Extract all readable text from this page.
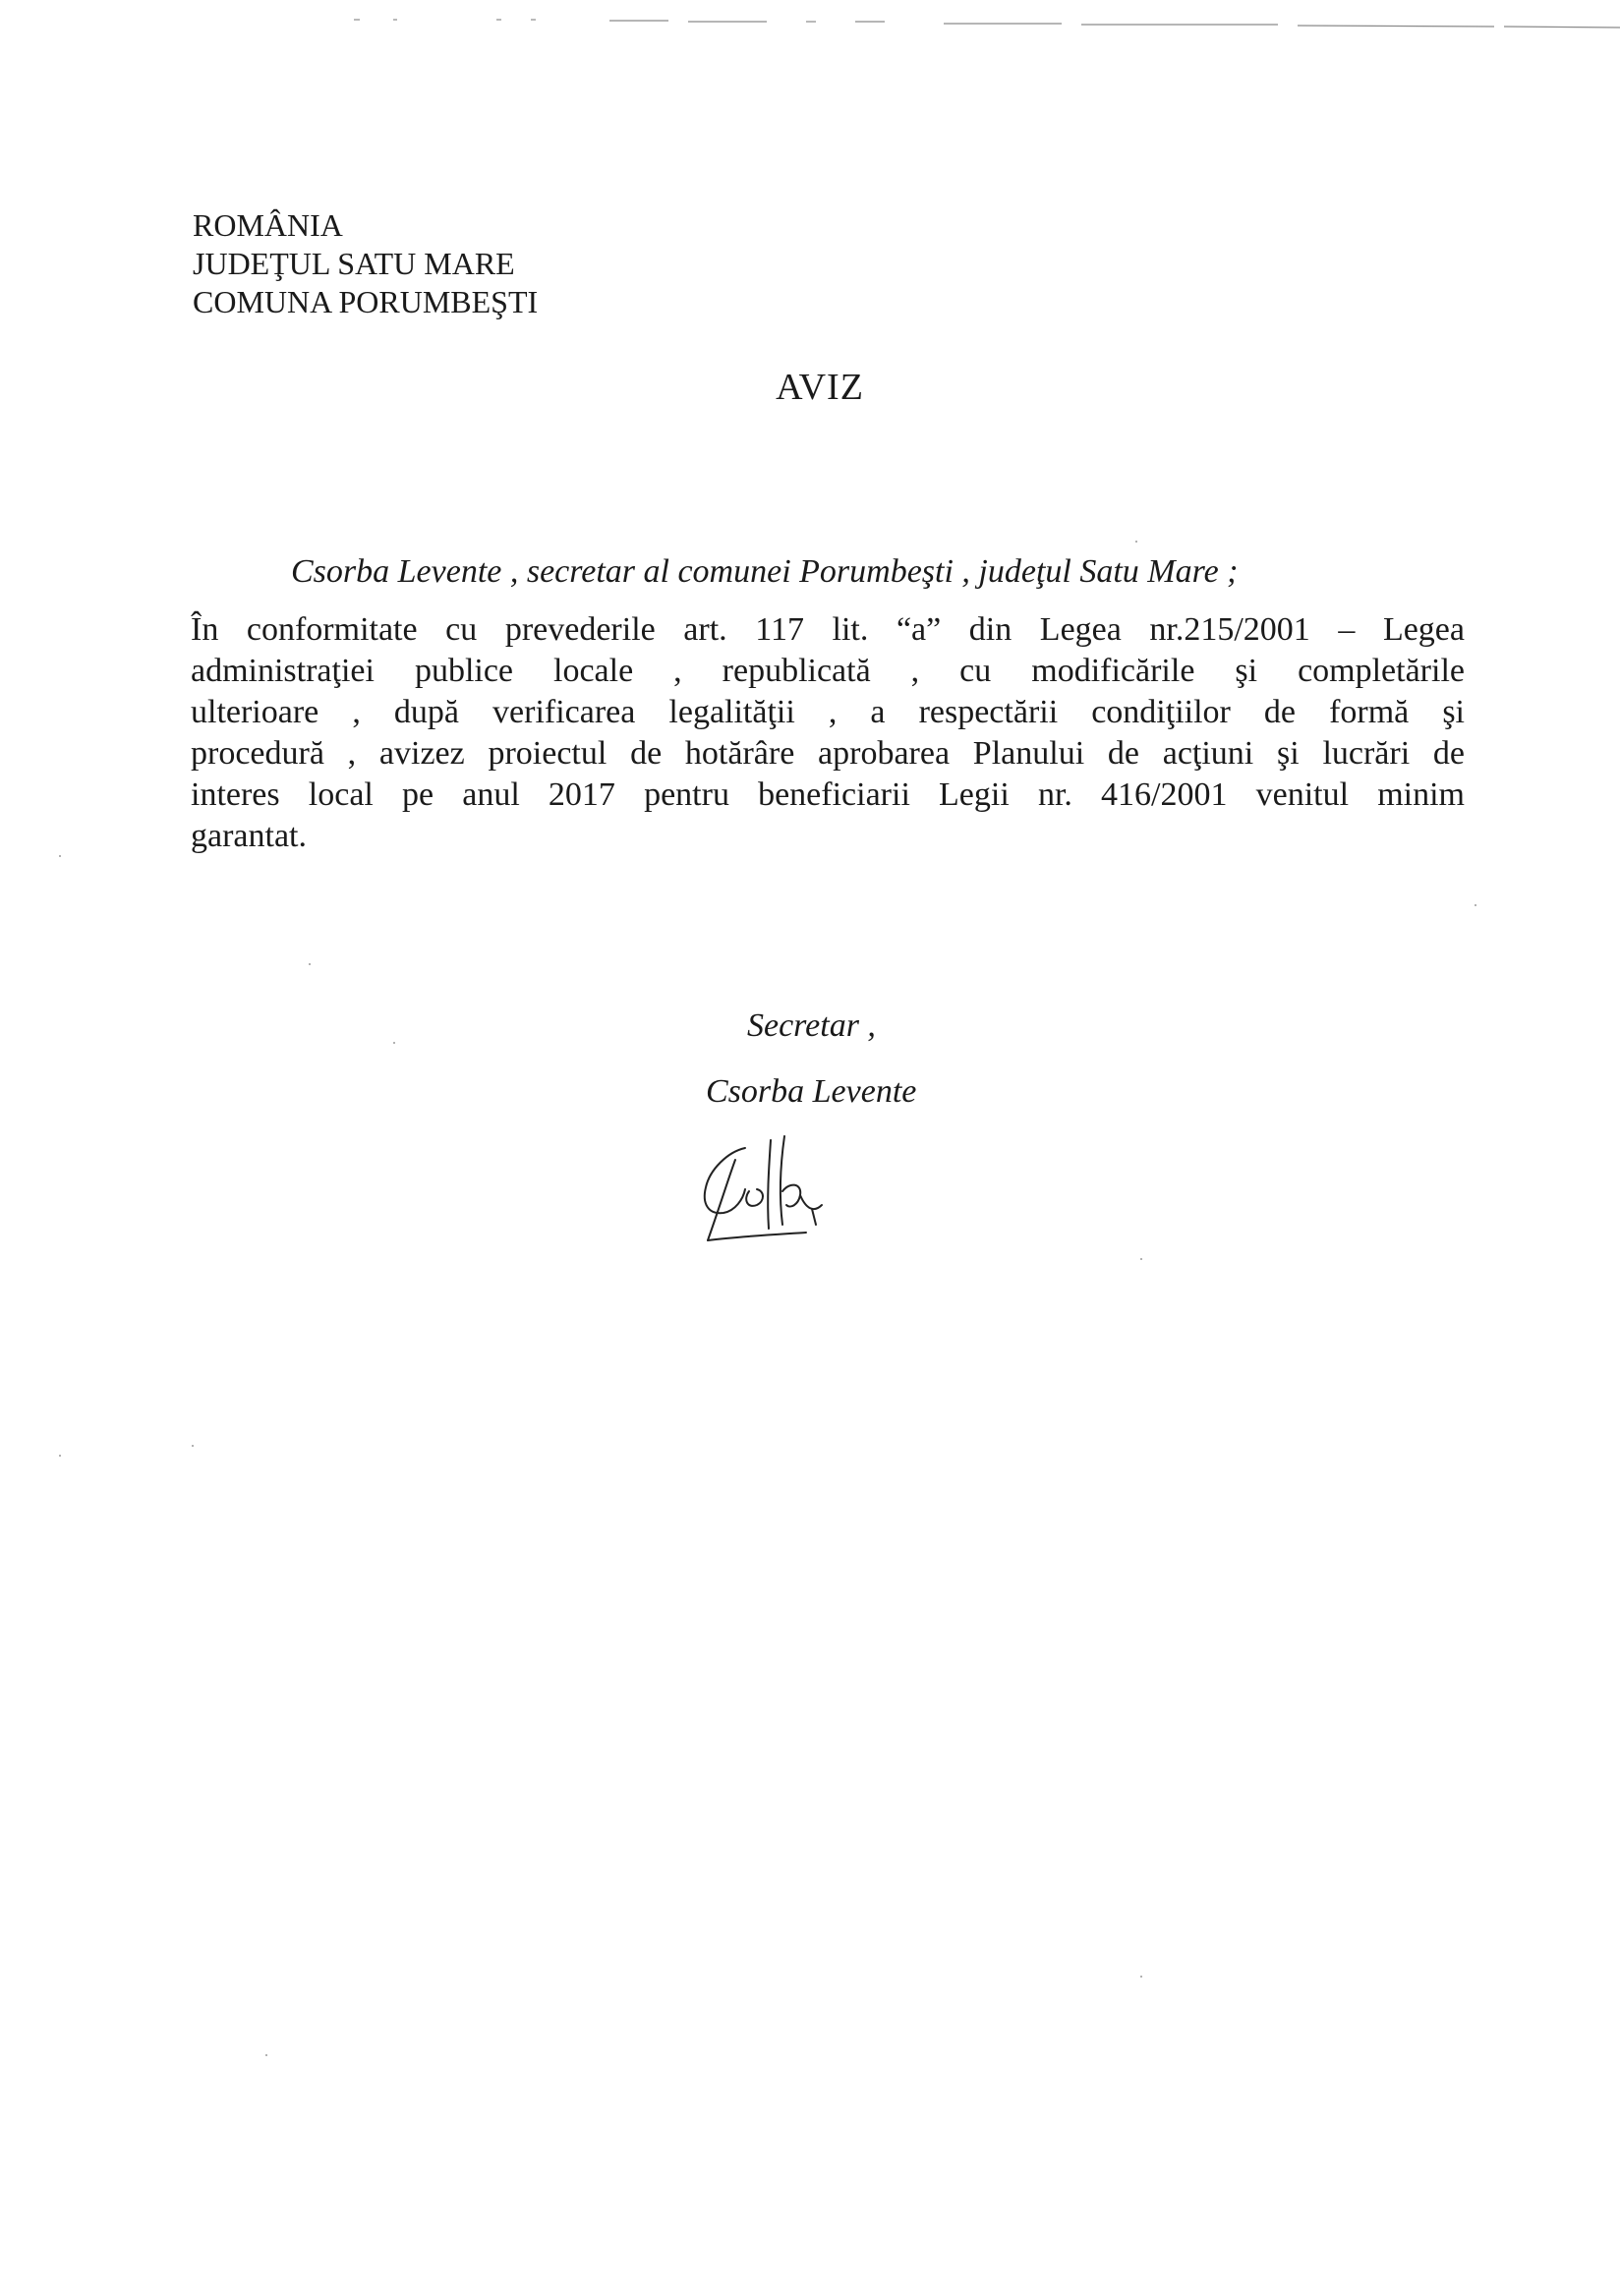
ROMÂNIA
JUDEŢUL SATU MARE
COMUNA PORUMBEŞTI
AVIZ
Csorba Levente , secretar al comunei Porumbeşti , judeţul Satu Mare ;
În conformitate cu prevederile art. 117 lit. “a” din Legea nr.215/2001 – Legea
administraţiei publice locale , republicată , cu modificările şi completările
ulterioare , după verificarea legalităţii , a respectării condiţiilor de formă şi
procedură , avizez proiectul de hotărâre aprobarea Planului de acţiuni şi lucrări de
interes local pe anul 2017 pentru beneficiarii Legii nr. 416/2001 venitul minim
garantat.
Secretar ,
Csorba Levente
